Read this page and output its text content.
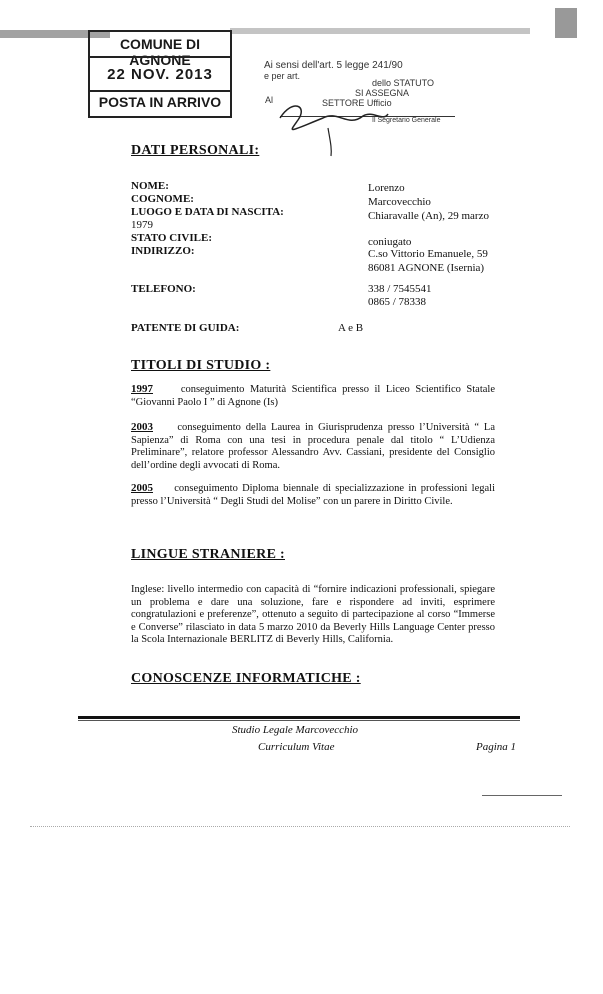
COMUNE DI AGNONE
22 NOV. 2013
POSTA IN ARRIVO
Ai sensi dell'art. 5 legge 241/90
e per art.
dello STATUTO
SI ASSEGNA
Al	SETTORE Ufficio
Il Segretario Generale
DATI PERSONALI:
NOME:	Lorenzo
COGNOME:	Marcovecchio
LUOGO E DATA DI NASCITA:	Chiaravalle (An), 29 marzo
1979
STATO CIVILE:	coniugato
INDIRIZZO:	C.so Vittorio Emanuele, 59
86081 AGNONE (Isernia)
TELEFONO:	338 / 7545541
0865 / 78338
PATENTE DI GUIDA:	A e B
TITOLI DI STUDIO :
1997	conseguimento Maturità Scientifica presso il Liceo Scientifico Statale “Giovanni Paolo I ” di Agnone (Is)
2003 conseguimento della Laurea in Giurisprudenza presso l’Università “ La Sapienza” di Roma con una tesi in procedura penale dal titolo “ L’Udienza Preliminare”, relatore professor Alessandro Avv. Cassiani, presidente del Consiglio dell’ordine degli avvocati di Roma.
2005 conseguimento Diploma biennale di specializzazione in professioni legali presso l’Università “ Degli Studi del Molise” con un parere in Diritto Civile.
LINGUE STRANIERE :
Inglese: livello intermedio con capacità di “fornire indicazioni professionali, spiegare un problema e dare una soluzione, fare e rispondere ad inviti, esprimere congratulazioni e preferenze”, ottenuto a seguito di partecipazione al corso “Immerse e Converse” rilasciato in data 5 marzo 2010 da Beverly Hills Language Center presso la Scola Internazionale BERLITZ di Beverly Hills, California.
CONOSCENZE INFORMATICHE :
Studio Legale Marcovecchio
Curriculum Vitae	Pagina 1
